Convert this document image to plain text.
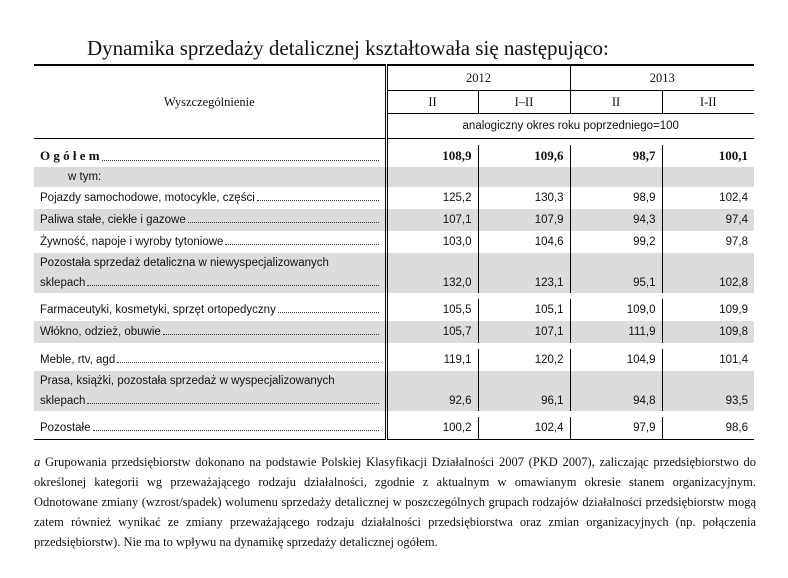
Dynamika sprzedaży detalicznej kształtowała się następująco:
Wyszczególnienie	2012		2013	
	II	I–II	II	I-II
	analogiczny okres roku poprzedniego=100			

O g ó ł e m	108,9	109,6	98,7	100,1
w tym:				

Pojazdy samochodowe, motocykle, części	125,2	130,3	98,9	102,4

Paliwa stałe, ciekłe i gazowe	107,1	107,9	94,3	97,4

Żywność, napoje i wyroby tytoniowe	103,0	104,6	99,2	97,8
Pozostała sprzedaż detaliczna w niewyspecjalizowanych				

sklepach	132,0	123,1	95,1	102,8

Farmaceutyki, kosmetyki, sprzęt ortopedyczny	105,5	105,1	109,0	109,9

Włókno, odzież, obuwie	105,7	107,1	111,9	109,8

Meble, rtv, agd	119,1	120,2	104,9	101,4
Prasa, książki, pozostała sprzedaż w wyspecjalizowanych				

sklepach	92,6	96,1	94,8	93,5

Pozostałe	100,2	102,4	97,9	98,6
a Grupowania przedsiębiorstw dokonano na podstawie Polskiej Klasyfikacji Działalności 2007 (PKD 2007), zaliczając przedsiębiorstwo do określonej kategorii wg przeważającego rodzaju działalności, zgodnie z aktualnym w omawianym okresie stanem organizacyjnym. Odnotowane zmiany (wzrost/spadek) wolumenu sprzedaży detalicznej w poszczególnych grupach rodzajów działalności przedsiębiorstw mogą zatem również wynikać ze zmiany przeważającego rodzaju działalności przedsiębiorstwa oraz zmian organizacyjnych (np. połączenia przedsiębiorstw). Nie ma to wpływu na dynamikę sprzedaży detalicznej ogółem.
